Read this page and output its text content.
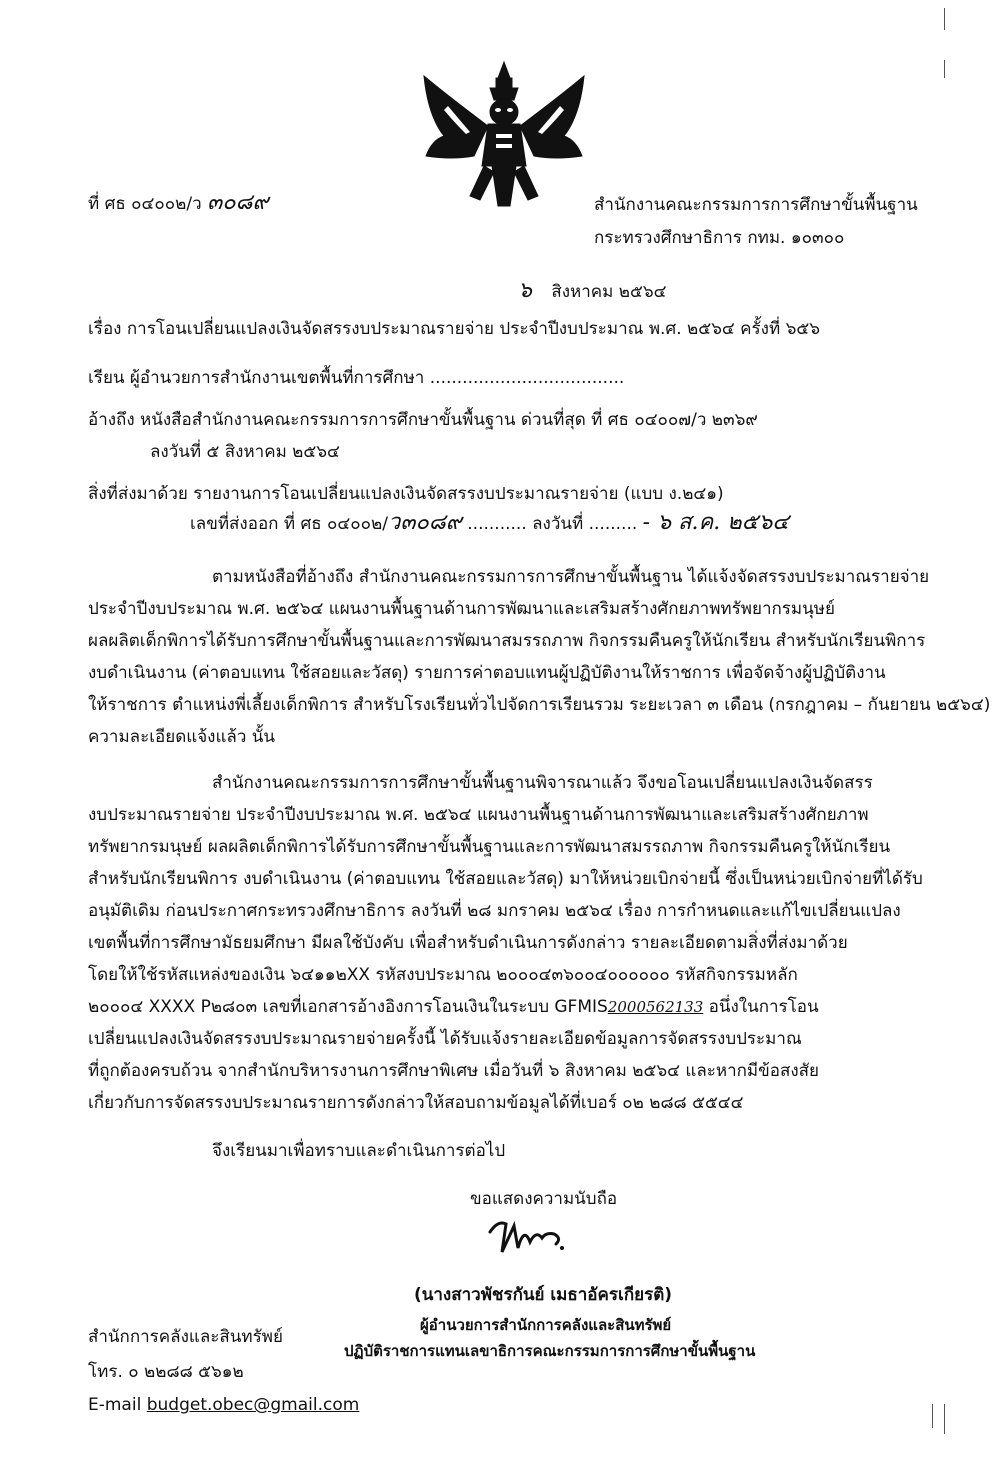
ที่ ศธ ๐๔๐๐๒/ว ๓๐๘๙	สำนักงานคณะกรรมการการศึกษาขั้นพื้นฐาน
กระทรวงศึกษาธิการ กทม. ๑๐๓๐๐
๖ สิงหาคม ๒๕๖๔
เรื่อง การโอนเปลี่ยนแปลงเงินจัดสรรงบประมาณรายจ่าย ประจำปีงบประมาณ พ.ศ. ๒๕๖๔ ครั้งที่ ๖๕๖
เรียน ผู้อำนวยการสำนักงานเขตพื้นที่การศึกษา ....................................
อ้างถึง หนังสือสำนักงานคณะกรรมการการศึกษาขั้นพื้นฐาน ด่วนที่สุด ที่ ศธ ๐๔๐๐๗/ว ๒๓๖๙
ลงวันที่ ๕ สิงหาคม ๒๕๖๔
สิ่งที่ส่งมาด้วย รายงานการโอนเปลี่ยนแปลงเงินจัดสรรงบประมาณรายจ่าย (แบบ ง.๒๔๑)
เลขที่ส่งออก ที่ ศธ ๐๔๐๐๒/ว๓๐๘๙ ........... ลงวันที่ ......... - ๖ ส.ค. ๒๕๖๔
ตามหนังสือที่อ้างถึง สำนักงานคณะกรรมการการศึกษาขั้นพื้นฐาน ได้แจ้งจัดสรรงบประมาณรายจ่าย
ประจำปีงบประมาณ พ.ศ. ๒๕๖๔ แผนงานพื้นฐานด้านการพัฒนาและเสริมสร้างศักยภาพทรัพยากรมนุษย์
ผลผลิตเด็กพิการได้รับการศึกษาขั้นพื้นฐานและการพัฒนาสมรรถภาพ กิจกรรมคืนครูให้นักเรียน สำหรับนักเรียนพิการ
งบดำเนินงาน (ค่าตอบแทน ใช้สอยและวัสดุ) รายการค่าตอบแทนผู้ปฏิบัติงานให้ราชการ เพื่อจัดจ้างผู้ปฏิบัติงาน
ให้ราชการ ตำแหน่งพี่เลี้ยงเด็กพิการ สำหรับโรงเรียนทั่วไปจัดการเรียนรวม ระยะเวลา ๓ เดือน (กรกฎาคม – กันยายน ๒๕๖๔)
ความละเอียดแจ้งแล้ว นั้น
สำนักงานคณะกรรมการการศึกษาขั้นพื้นฐานพิจารณาแล้ว จึงขอโอนเปลี่ยนแปลงเงินจัดสรร
งบประมาณรายจ่าย ประจำปีงบประมาณ พ.ศ. ๒๕๖๔ แผนงานพื้นฐานด้านการพัฒนาและเสริมสร้างศักยภาพ
ทรัพยากรมนุษย์ ผลผลิตเด็กพิการได้รับการศึกษาขั้นพื้นฐานและการพัฒนาสมรรถภาพ กิจกรรมคืนครูให้นักเรียน
สำหรับนักเรียนพิการ งบดำเนินงาน (ค่าตอบแทน ใช้สอยและวัสดุ) มาให้หน่วยเบิกจ่ายนี้ ซึ่งเป็นหน่วยเบิกจ่ายที่ได้รับ
อนุมัติเดิม ก่อนประกาศกระทรวงศึกษาธิการ ลงวันที่ ๒๘ มกราคม ๒๕๖๔ เรื่อง การกำหนดและแก้ไขเปลี่ยนแปลง
เขตพื้นที่การศึกษามัธยมศึกษา มีผลใช้บังคับ เพื่อสำหรับดำเนินการดังกล่าว รายละเอียดตามสิ่งที่ส่งมาด้วย
โดยให้ใช้รหัสแหล่งของเงิน ๖๔๑๑๒XX รหัสงบประมาณ ๒๐๐๐๔๓๖๐๐๔๐๐๐๐๐๐ รหัสกิจกรรมหลัก
๒๐๐๐๔ XXXX P๒๘๐๓ เลขที่เอกสารอ้างอิงการโอนเงินในระบบ GFMIS2000562133 อนึ่งในการโอน
เปลี่ยนแปลงเงินจัดสรรงบประมาณรายจ่ายครั้งนี้ ได้รับแจ้งรายละเอียดข้อมูลการจัดสรรงบประมาณ
ที่ถูกต้องครบถ้วน จากสำนักบริหารงานการศึกษาพิเศษ เมื่อวันที่ ๖ สิงหาคม ๒๕๖๔ และหากมีข้อสงสัย
เกี่ยวกับการจัดสรรงบประมาณรายการดังกล่าวให้สอบถามข้อมูลได้ที่เบอร์ ๐๒ ๒๘๘ ๕๕๔๔
จึงเรียนมาเพื่อทราบและดำเนินการต่อไป
ขอแสดงความนับถือ
(นางสาวพัชรกันย์ เมธาอัครเกียรติ)
ผู้อำนวยการสำนักการคลังและสินทรัพย์
ปฏิบัติราชการแทนเลขาธิการคณะกรรมการการศึกษาขั้นพื้นฐาน
สำนักการคลังและสินทรัพย์
โทร. ๐ ๒๒๘๘ ๕๖๑๒
E-mail budget.obec@gmail.com
